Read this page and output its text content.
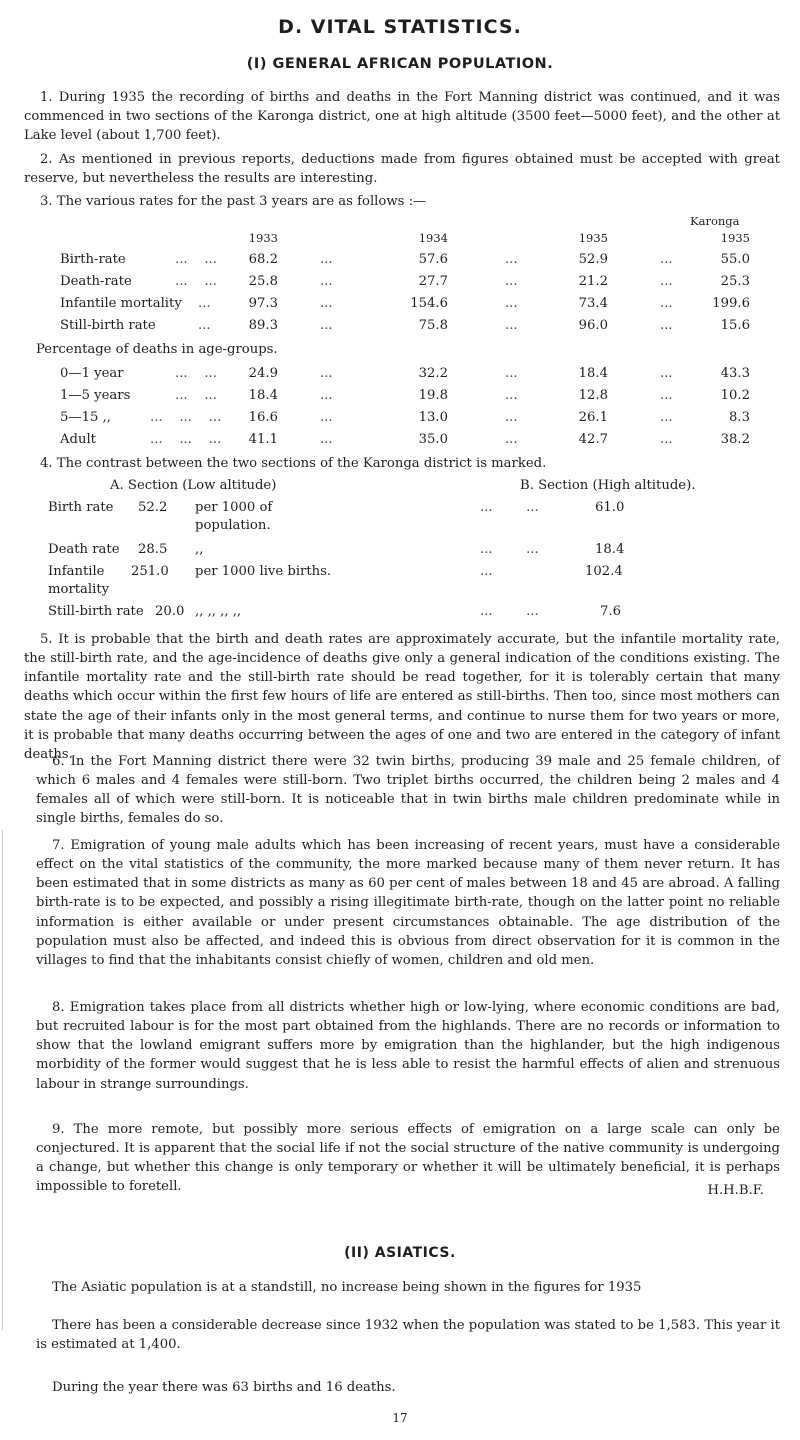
D. VITAL STATISTICS.
(I) GENERAL AFRICAN POPULATION.

1. During 1935 the recording of births and deaths in the Fort Manning district was continued, and it was commenced in two sections of the Karonga district, one at high altitude (3500 feet—5000 feet), and the other at Lake level (about 1,700 feet).

2. As mentioned in previous reports, deductions made from figures obtained must be accepted with great reserve, but nevertheless the results are interesting.

3. The various rates for the past 3 years are as follows :—

Karonga
1933	1934	1935	1935
Birth-rate	...    ...	68.2	...	57.6	...	52.9	...	55.0
Death-rate	...    ...	25.8	...	27.7	...	21.2	...	25.3
Infantile mortality ...	97.3	...	154.6	...	73.4	...	199.6
Still-birth rate	...	89.3	...	75.8	...	96.0	...	15.6
Percentage of deaths in age-groups.
0—1 year	...    ...	24.9	...	32.2	...	18.4	...	43.3
1—5 years	...    ...	18.4	...	19.8	...	12.8	...	10.2
5—15 ,,	...    ...    ...	16.6	...	13.0	...	26.1	...	8.3
Adult	...    ...    ...	41.1	...	35.0	...	42.7	...	38.2

4. The contrast between the two sections of the Karonga district is marked.

A. Section (Low altitude)	B. Section (High altitude).
Birth rate 52.2 per 1000 of	...        ...	61.0
population.
Death rate 28.5 ,,	...        ...	18.4
Infantile 251.0 per 1000 live births.	...	102.4
mortality
Still-birth rate 20.0 ,, ,, ,, ,,	...        ...	7.6

5. It is probable that the birth and death rates are approximately accurate, but the infantile mortality rate, the still-birth rate, and the age-incidence of deaths give only a general indication of the conditions existing. The infantile mortality rate and the still-birth rate should be read together, for it is tolerably certain that many deaths which occur within the first few hours of life are entered as still-births. Then too, since most mothers can state the age of their infants only in the most general terms, and continue to nurse them for two years or more, it is probable that many deaths occurring between the ages of one and two are entered in the category of infant deaths.

6. In the Fort Manning district there were 32 twin births, producing 39 male and 25 female children, of which 6 males and 4 females were still-born. Two triplet births occurred, the children being 2 males and 4 females all of which were still-born. It is noticeable that in twin births male children predominate while in single births, females do so.

7. Emigration of young male adults which has been increasing of recent years, must have a considerable effect on the vital statistics of the community, the more marked because many of them never return. It has been estimated that in some districts as many as 60 per cent of males between 18 and 45 are abroad. A falling birth-rate is to be expected, and possibly a rising illegitimate birth-rate, though on the latter point no reliable information is either available or under present circumstances obtainable. The age distribution of the population must also be affected, and indeed this is obvious from direct observation for it is common in the villages to find that the inhabitants consist chiefly of women, children and old men.

8. Emigration takes place from all districts whether high or low-lying, where economic conditions are bad, but recruited labour is for the most part obtained from the highlands. There are no records or information to show that the lowland emigrant suffers more by emigration than the highlander, but the high indigenous morbidity of the former would suggest that he is less able to resist the harmful effects of alien and strenuous labour in strange surroundings.

9. The more remote, but possibly more serious effects of emigration on a large scale can only be conjectured. It is apparent that the social life if not the social structure of the native community is undergoing a change, but whether this change is only temporary or whether it will be ultimately beneficial, it is perhaps impossible to foretell.	H.H.B.F.
(II) ASIATICS.

The Asiatic population is at a standstill, no increase being shown in the figures for 1935

There has been a considerable decrease since 1932 when the population was stated to be 1,583. This year it is estimated at 1,400.

During the year there was 63 births and 16 deaths.

17
